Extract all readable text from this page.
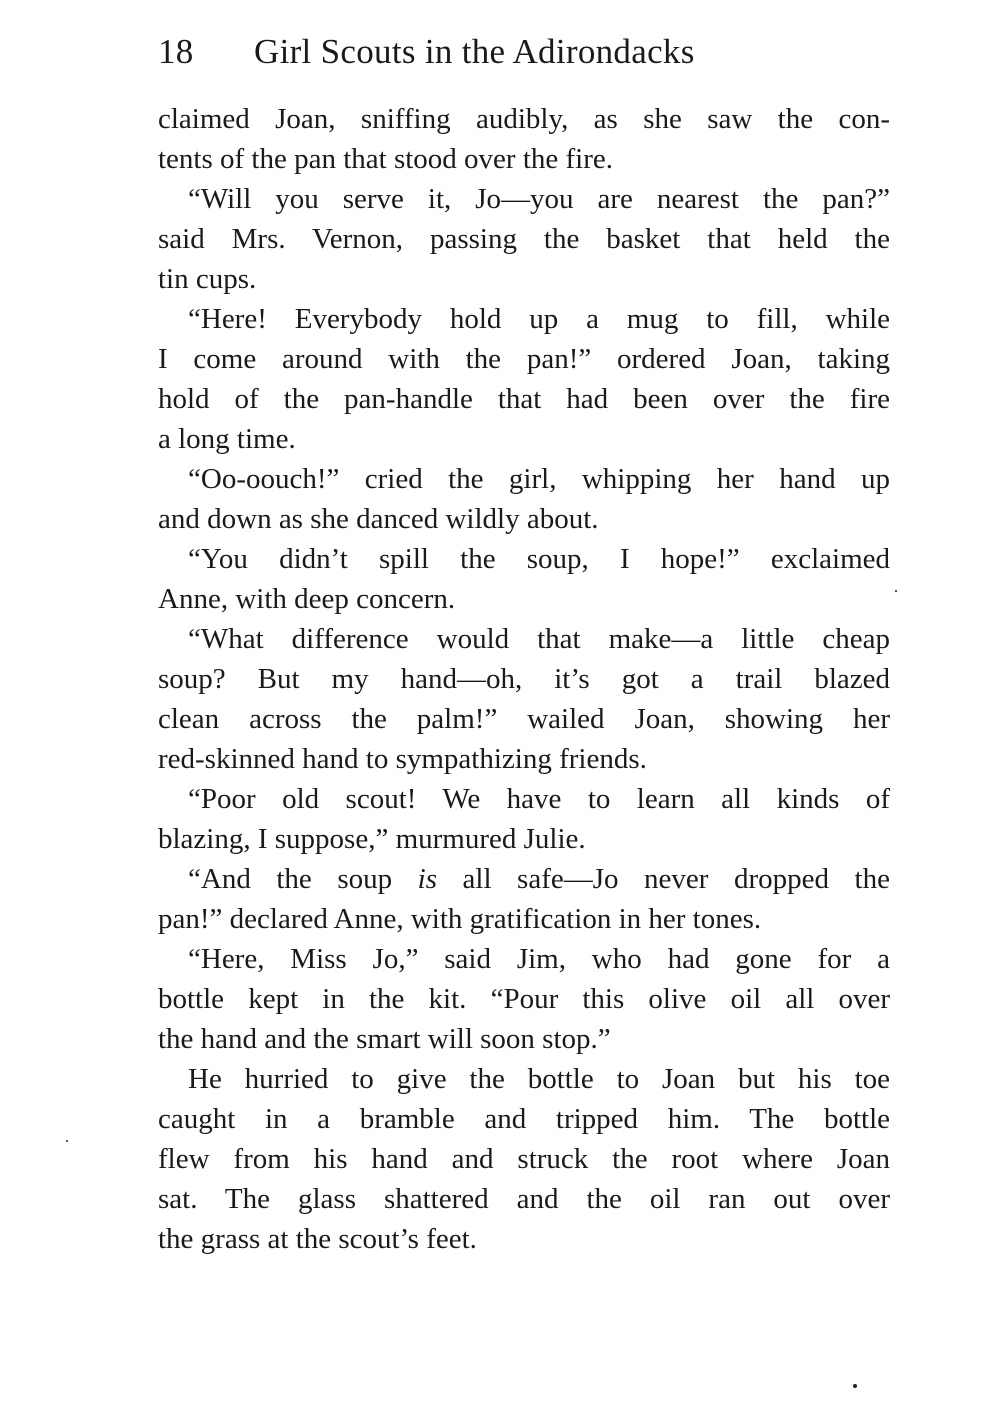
18 Girl Scouts in the Adirondacks
claimed Joan, sniffing audibly, as she saw the con-
tents of the pan that stood over the fire.
“Will you serve it, Jo—you are nearest the pan?”
said Mrs. Vernon, passing the basket that held the
tin cups.
“Here! Everybody hold up a mug to fill, while
I come around with the pan!” ordered Joan, taking
hold of the pan-handle that had been over the fire
a long time.
“Oo-oouch!” cried the girl, whipping her hand up
and down as she danced wildly about.
“You didn’t spill the soup, I hope!” exclaimed
Anne, with deep concern.
“What difference would that make—a little cheap
soup? But my hand—oh, it’s got a trail blazed
clean across the palm!” wailed Joan, showing her
red-skinned hand to sympathizing friends.
“Poor old scout! We have to learn all kinds of
blazing, I suppose,” murmured Julie.
“And the soup is all safe—Jo never dropped the
pan!” declared Anne, with gratification in her tones.
“Here, Miss Jo,” said Jim, who had gone for a
bottle kept in the kit. “Pour this olive oil all over
the hand and the smart will soon stop.”
He hurried to give the bottle to Joan but his toe
caught in a bramble and tripped him. The bottle
flew from his hand and struck the root where Joan
sat. The glass shattered and the oil ran out over
the grass at the scout’s feet.
